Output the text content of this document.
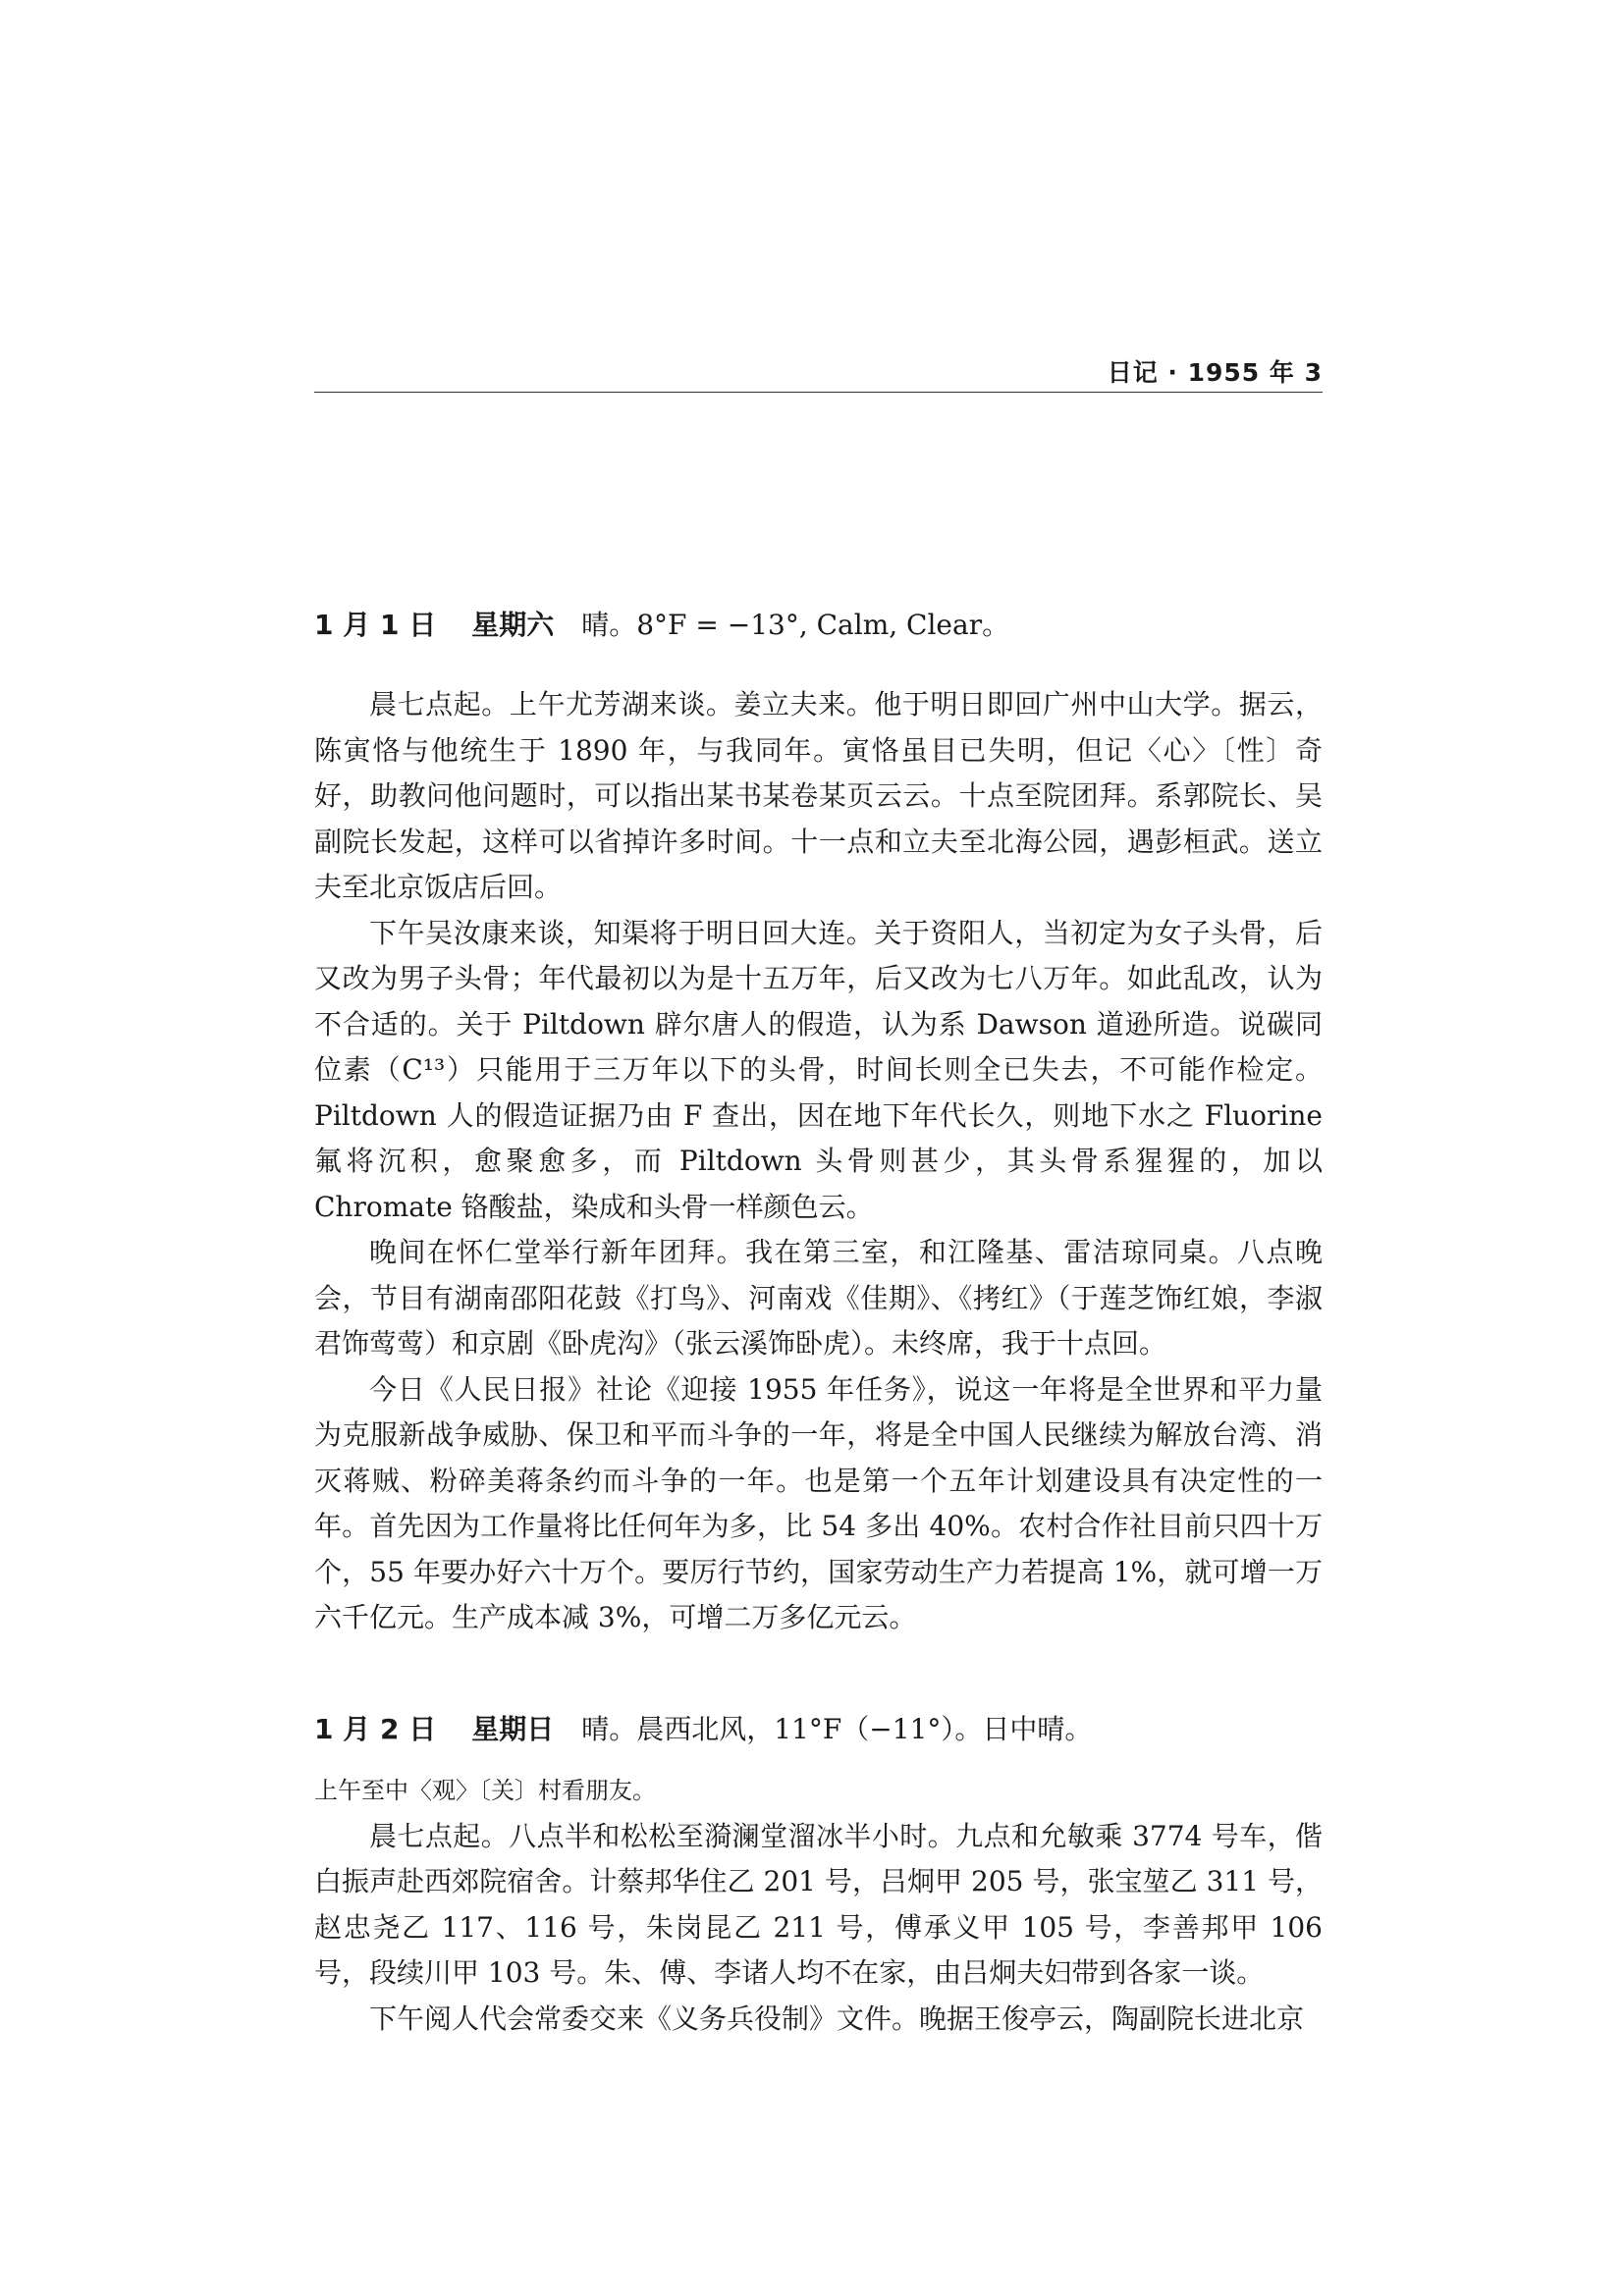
日记 · 1955 年 3

1 月 1 日 星期六 晴。8°F = −13°, Calm, Clear。

晨七点起。上午尤芳湖来谈。姜立夫来。他于明日即回广州中山大学。据云，陈寅恪与他统生于 1890 年，与我同年。寅恪虽目已失明，但记〈心〉〔性〕奇好，助教问他问题时，可以指出某书某卷某页云云。十点至院团拜。系郭院长、吴副院长发起，这样可以省掉许多时间。十一点和立夫至北海公园，遇彭桓武。送立夫至北京饭店后回。

下午吴汝康来谈，知渠将于明日回大连。关于资阳人，当初定为女子头骨，后又改为男子头骨；年代最初以为是十五万年，后又改为七八万年。如此乱改，认为不合适的。关于 Piltdown 辟尔唐人的假造，认为系 Dawson 道逊所造。说碳同位素（C¹³）只能用于三万年以下的头骨，时间长则全已失去，不可能作检定。Piltdown 人的假造证据乃由 F 查出，因在地下年代长久，则地下水之 Fluorine 氟将沉积，愈聚愈多，而 Piltdown 头骨则甚少，其头骨系猩猩的，加以 Chromate 铬酸盐，染成和头骨一样颜色云。

晚间在怀仁堂举行新年团拜。我在第三室，和江隆基、雷洁琼同桌。八点晚会，节目有湖南邵阳花鼓《打鸟》、河南戏《佳期》、《拷红》（于莲芝饰红娘，李淑君饰莺莺）和京剧《卧虎沟》（张云溪饰卧虎）。未终席，我于十点回。

今日《人民日报》社论《迎接 1955 年任务》，说这一年将是全世界和平力量为克服新战争威胁、保卫和平而斗争的一年，将是全中国人民继续为解放台湾、消灭蒋贼、粉碎美蒋条约而斗争的一年。也是第一个五年计划建设具有决定性的一年。首先因为工作量将比任何年为多，比 54 多出 40%。农村合作社目前只四十万个，55 年要办好六十万个。要厉行节约，国家劳动生产力若提高 1%，就可增一万六千亿元。生产成本减 3%，可增二万多亿元云。

1 月 2 日 星期日 晴。晨西北风，11°F（−11°）。日中晴。

上午至中〈观〉〔关〕村看朋友。

晨七点起。八点半和松松至漪澜堂溜冰半小时。九点和允敏乘 3774 号车，偕白振声赴西郊院宿舍。计蔡邦华住乙 201 号，吕炯甲 205 号，张宝堃乙 311 号，赵忠尧乙 117、116 号，朱岗昆乙 211 号，傅承义甲 105 号，李善邦甲 106 号，段续川甲 103 号。朱、傅、李诸人均不在家，由吕炯夫妇带到各家一谈。

下午阅人代会常委交来《义务兵役制》文件。晚据王俊亭云，陶副院长进北京
